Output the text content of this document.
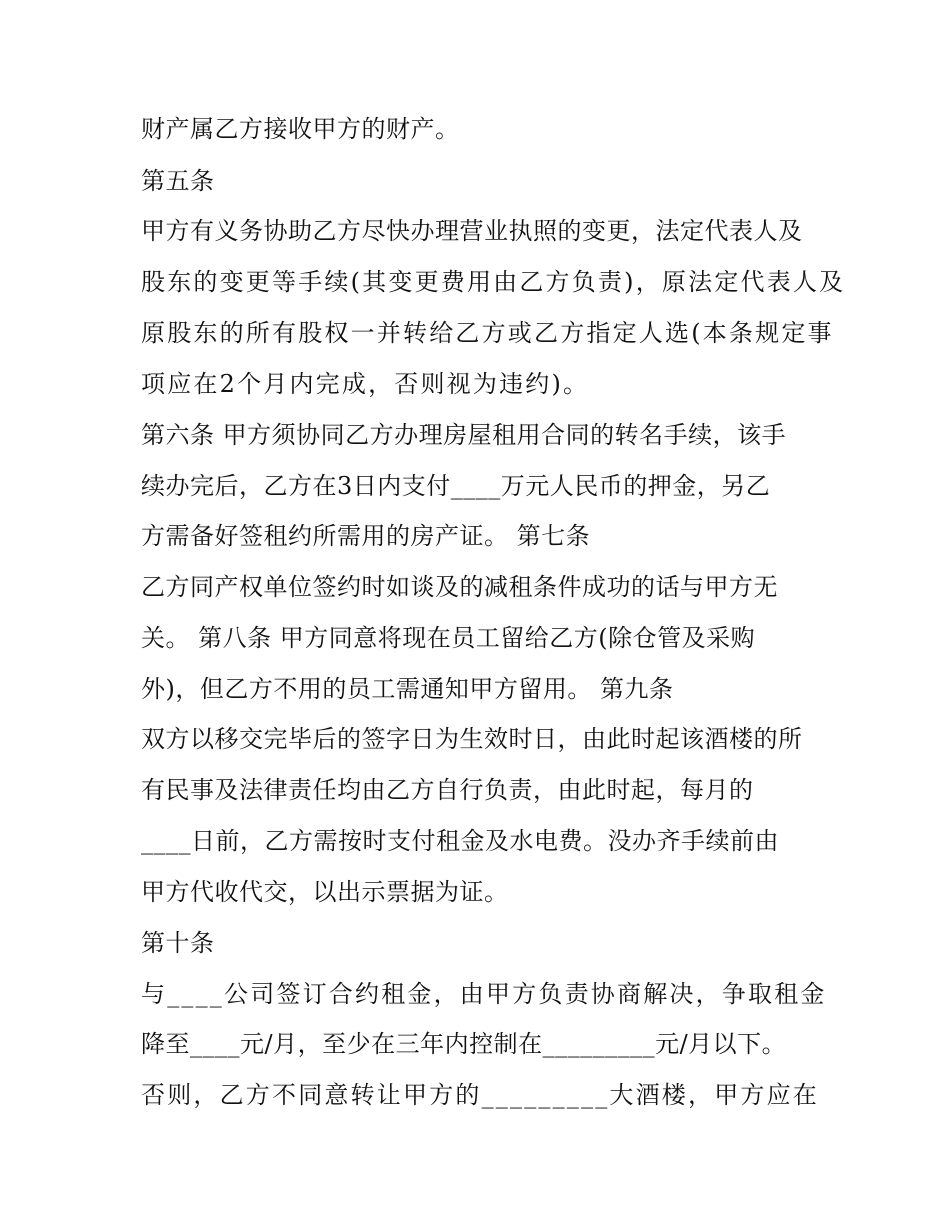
财产属乙方接收甲方的财产。
第五条
甲方有义务协助乙方尽快办理营业执照的变更，法定代表人及
股东的变更等手续(其变更费用由乙方负责)，原法定代表人及
原股东的所有股权一并转给乙方或乙方指定人选(本条规定事
项应在2个月内完成，否则视为违约)。
第六条 甲方须协同乙方办理房屋租用合同的转名手续，该手
续办完后，乙方在3日内支付____万元人民币的押金，另乙
方需备好签租约所需用的房产证。 第七条
乙方同产权单位签约时如谈及的减租条件成功的话与甲方无
关。 第八条 甲方同意将现在员工留给乙方(除仓管及采购
外)，但乙方不用的员工需通知甲方留用。 第九条
双方以移交完毕后的签字日为生效时日，由此时起该酒楼的所
有民事及法律责任均由乙方自行负责，由此时起，每月的
____日前，乙方需按时支付租金及水电费。没办齐手续前由
甲方代收代交，以出示票据为证。
第十条
与____公司签订合约租金，由甲方负责协商解决，争取租金
降至____元/月，至少在三年内控制在_________元/月以下。
否则，乙方不同意转让甲方的_________大酒楼，甲方应在
